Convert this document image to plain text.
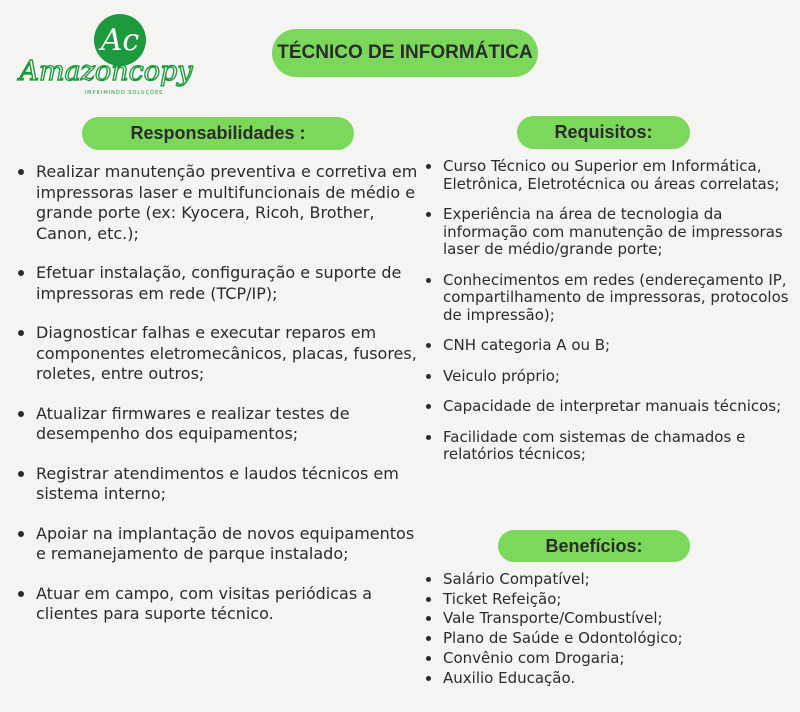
Ac
Amazoncopy
IMPRIMINDO SOLUÇÕES
TÉCNICO DE INFORMÁTICA
Responsabilidades :
Realizar manutenção preventiva e corretiva em impressoras laser e multifuncionais de médio e grande porte (ex: Kyocera, Ricoh, Brother, Canon, etc.);
Efetuar instalação, configuração e suporte de impressoras em rede (TCP/IP);
Diagnosticar falhas e executar reparos em componentes eletromecânicos, placas, fusores, roletes, entre outros;
Atualizar firmwares e realizar testes de desempenho dos equipamentos;
Registrar atendimentos e laudos técnicos em sistema interno;
Apoiar na implantação de novos equipamentos e remanejamento de parque instalado;
Atuar em campo, com visitas periódicas a clientes para suporte técnico.
Requisitos:
Curso Técnico ou Superior em Informática, Eletrônica, Eletrotécnica ou áreas correlatas;
Experiência na área de tecnologia da informação com manutenção de impressoras laser de médio/grande porte;
Conhecimentos em redes (endereçamento IP, compartilhamento de impressoras, protocolos de impressão);
CNH categoria A ou B;
Veiculo próprio;
Capacidade de interpretar manuais técnicos;
Facilidade com sistemas de chamados e relatórios técnicos;
Benefícios:
Salário Compatível;
Ticket Refeição;
Vale Transporte/Combustível;
Plano de Saúde e Odontológico;
Convênio com Drogaria;
Auxilio Educação.
